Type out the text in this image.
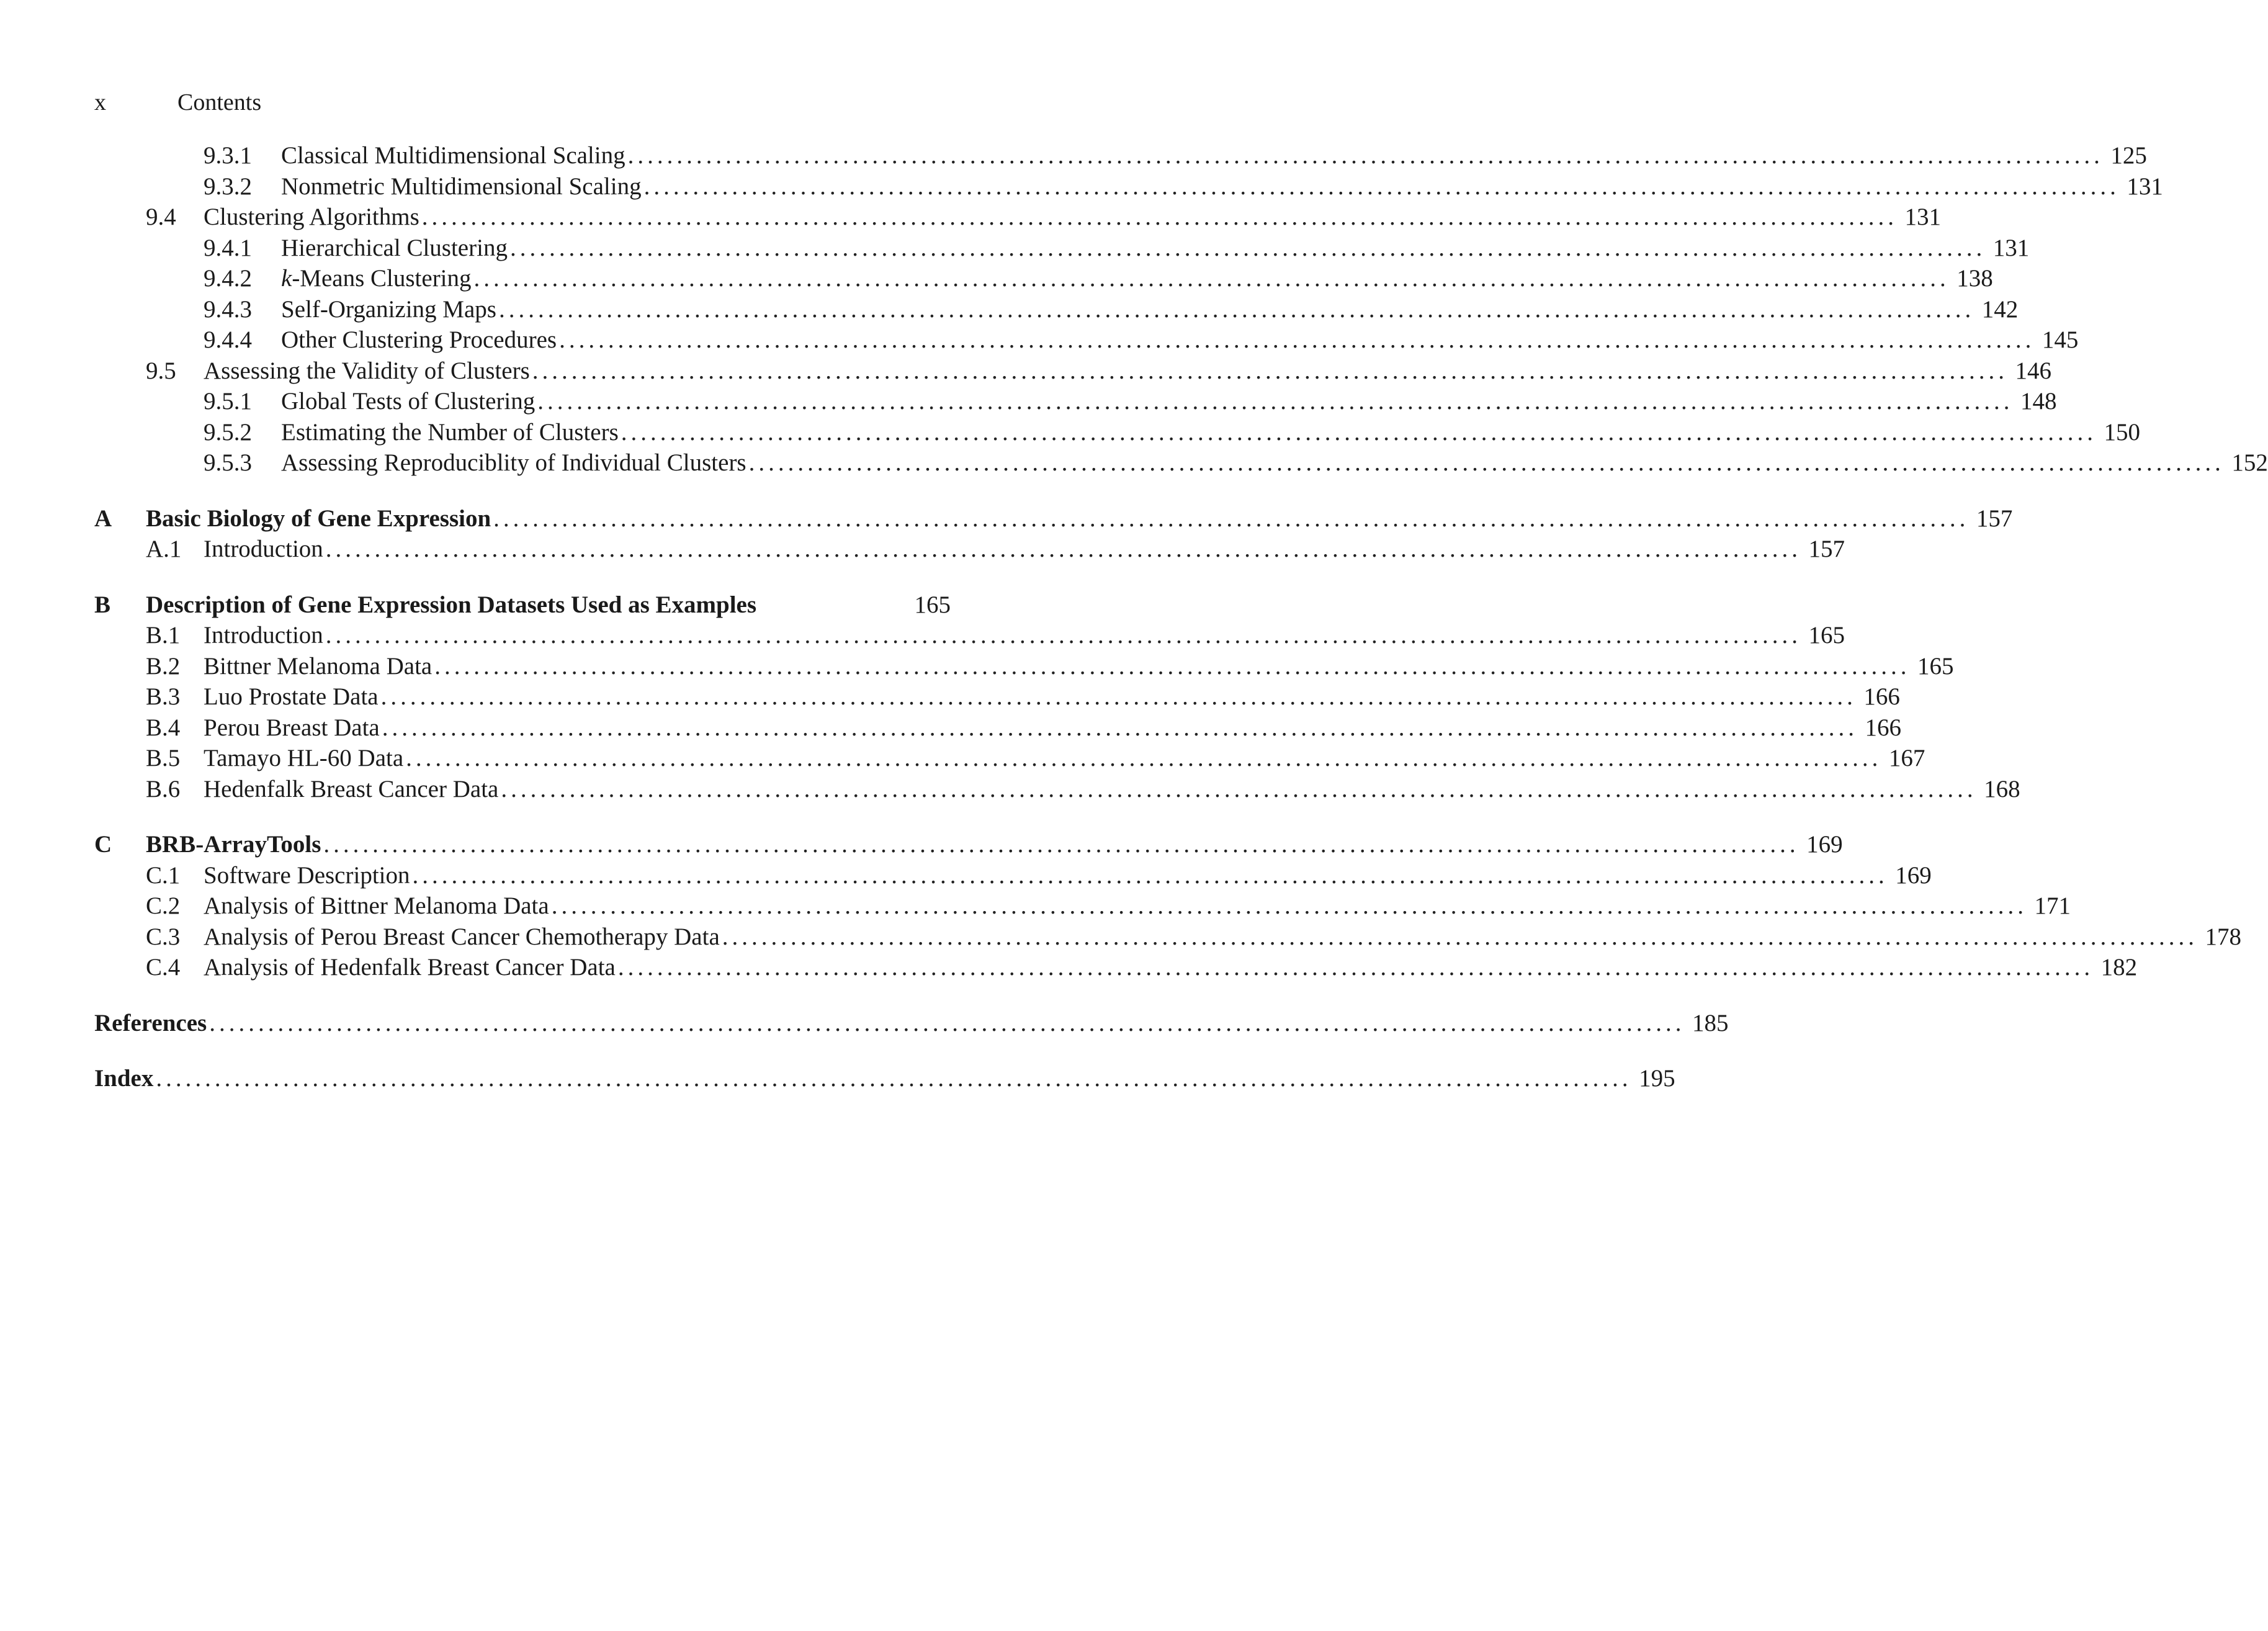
x	Contents
9.3.1 Classical Multidimensional Scaling ....................................................................................................................................................... 125
9.3.2 Nonmetric Multidimensional Scaling ....................................................................................................................................................... 131
9.4 Clustering Algorithms ....................................................................................................................................................... 131
9.4.1 Hierarchical Clustering ....................................................................................................................................................... 131
9.4.2 k-Means Clustering ....................................................................................................................................................... 138
9.4.3 Self-Organizing Maps ....................................................................................................................................................... 142
9.4.4 Other Clustering Procedures ....................................................................................................................................................... 145
9.5 Assessing the Validity of Clusters ....................................................................................................................................................... 146
9.5.1 Global Tests of Clustering ....................................................................................................................................................... 148
9.5.2 Estimating the Number of Clusters ....................................................................................................................................................... 150
9.5.3 Assessing Reproduciblity of Individual Clusters ....................................................................................................................................................... 152
A Basic Biology of Gene Expression ....................................................................................................................................................... 157
A.1 Introduction ....................................................................................................................................................... 157
B Description of Gene Expression Datasets Used as Examples	165
B.1 Introduction ....................................................................................................................................................... 165
B.2 Bittner Melanoma Data ....................................................................................................................................................... 165
B.3 Luo Prostate Data ....................................................................................................................................................... 166
B.4 Perou Breast Data ....................................................................................................................................................... 166
B.5 Tamayo HL-60 Data ....................................................................................................................................................... 167
B.6 Hedenfalk Breast Cancer Data ....................................................................................................................................................... 168
C BRB-ArrayTools ....................................................................................................................................................... 169
C.1 Software Description ....................................................................................................................................................... 169
C.2 Analysis of Bittner Melanoma Data ....................................................................................................................................................... 171
C.3 Analysis of Perou Breast Cancer Chemotherapy Data ....................................................................................................................................................... 178
C.4 Analysis of Hedenfalk Breast Cancer Data ....................................................................................................................................................... 182
References ....................................................................................................................................................... 185
Index ....................................................................................................................................................... 195
